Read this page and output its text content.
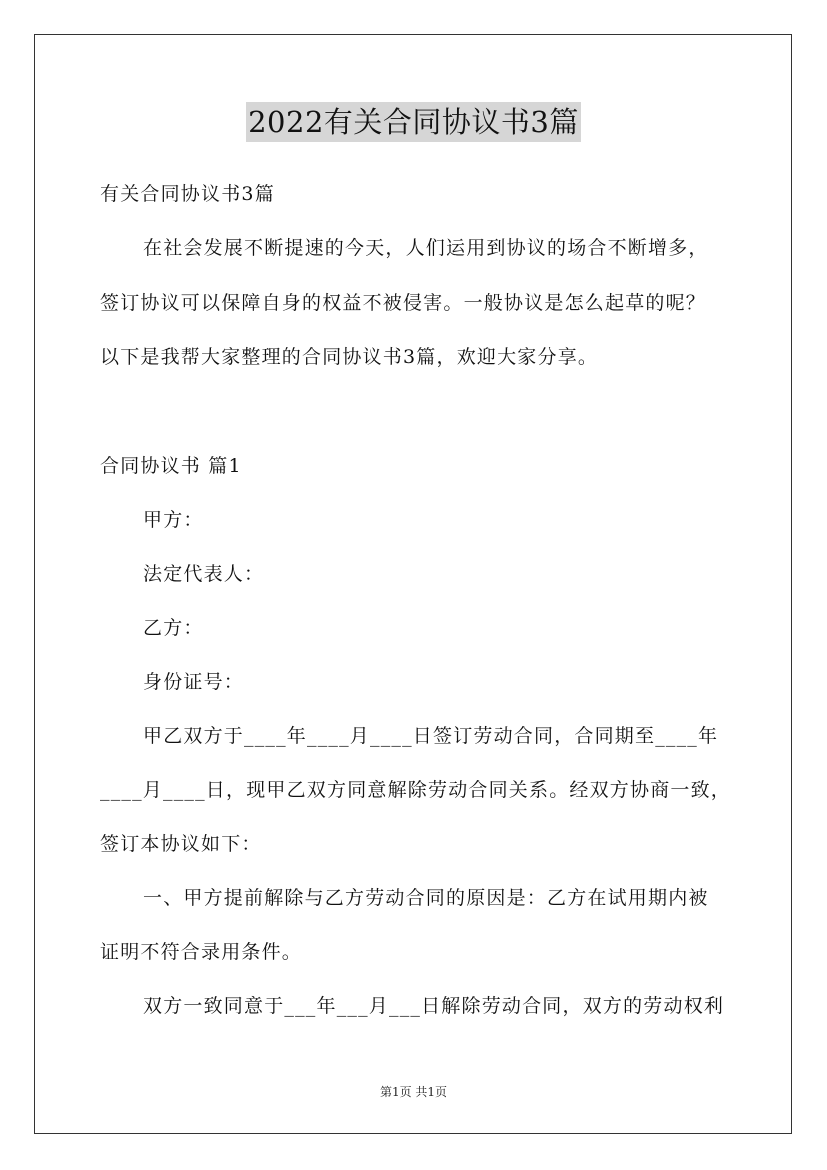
2022有关合同协议书3篇
有关合同协议书3篇
在社会发展不断提速的今天，人们运用到协议的场合不断增多，
签订协议可以保障自身的权益不被侵害。一般协议是怎么起草的呢？
以下是我帮大家整理的合同协议书3篇，欢迎大家分享。
合同协议书 篇1
甲方：
法定代表人：
乙方：
身份证号：
甲乙双方于____年____月____日签订劳动合同，合同期至____年
____月____日，现甲乙双方同意解除劳动合同关系。经双方协商一致，
签订本协议如下：
一、甲方提前解除与乙方劳动合同的原因是：乙方在试用期内被
证明不符合录用条件。
双方一致同意于___年___月___日解除劳动合同，双方的劳动权利
第1页 共1页
